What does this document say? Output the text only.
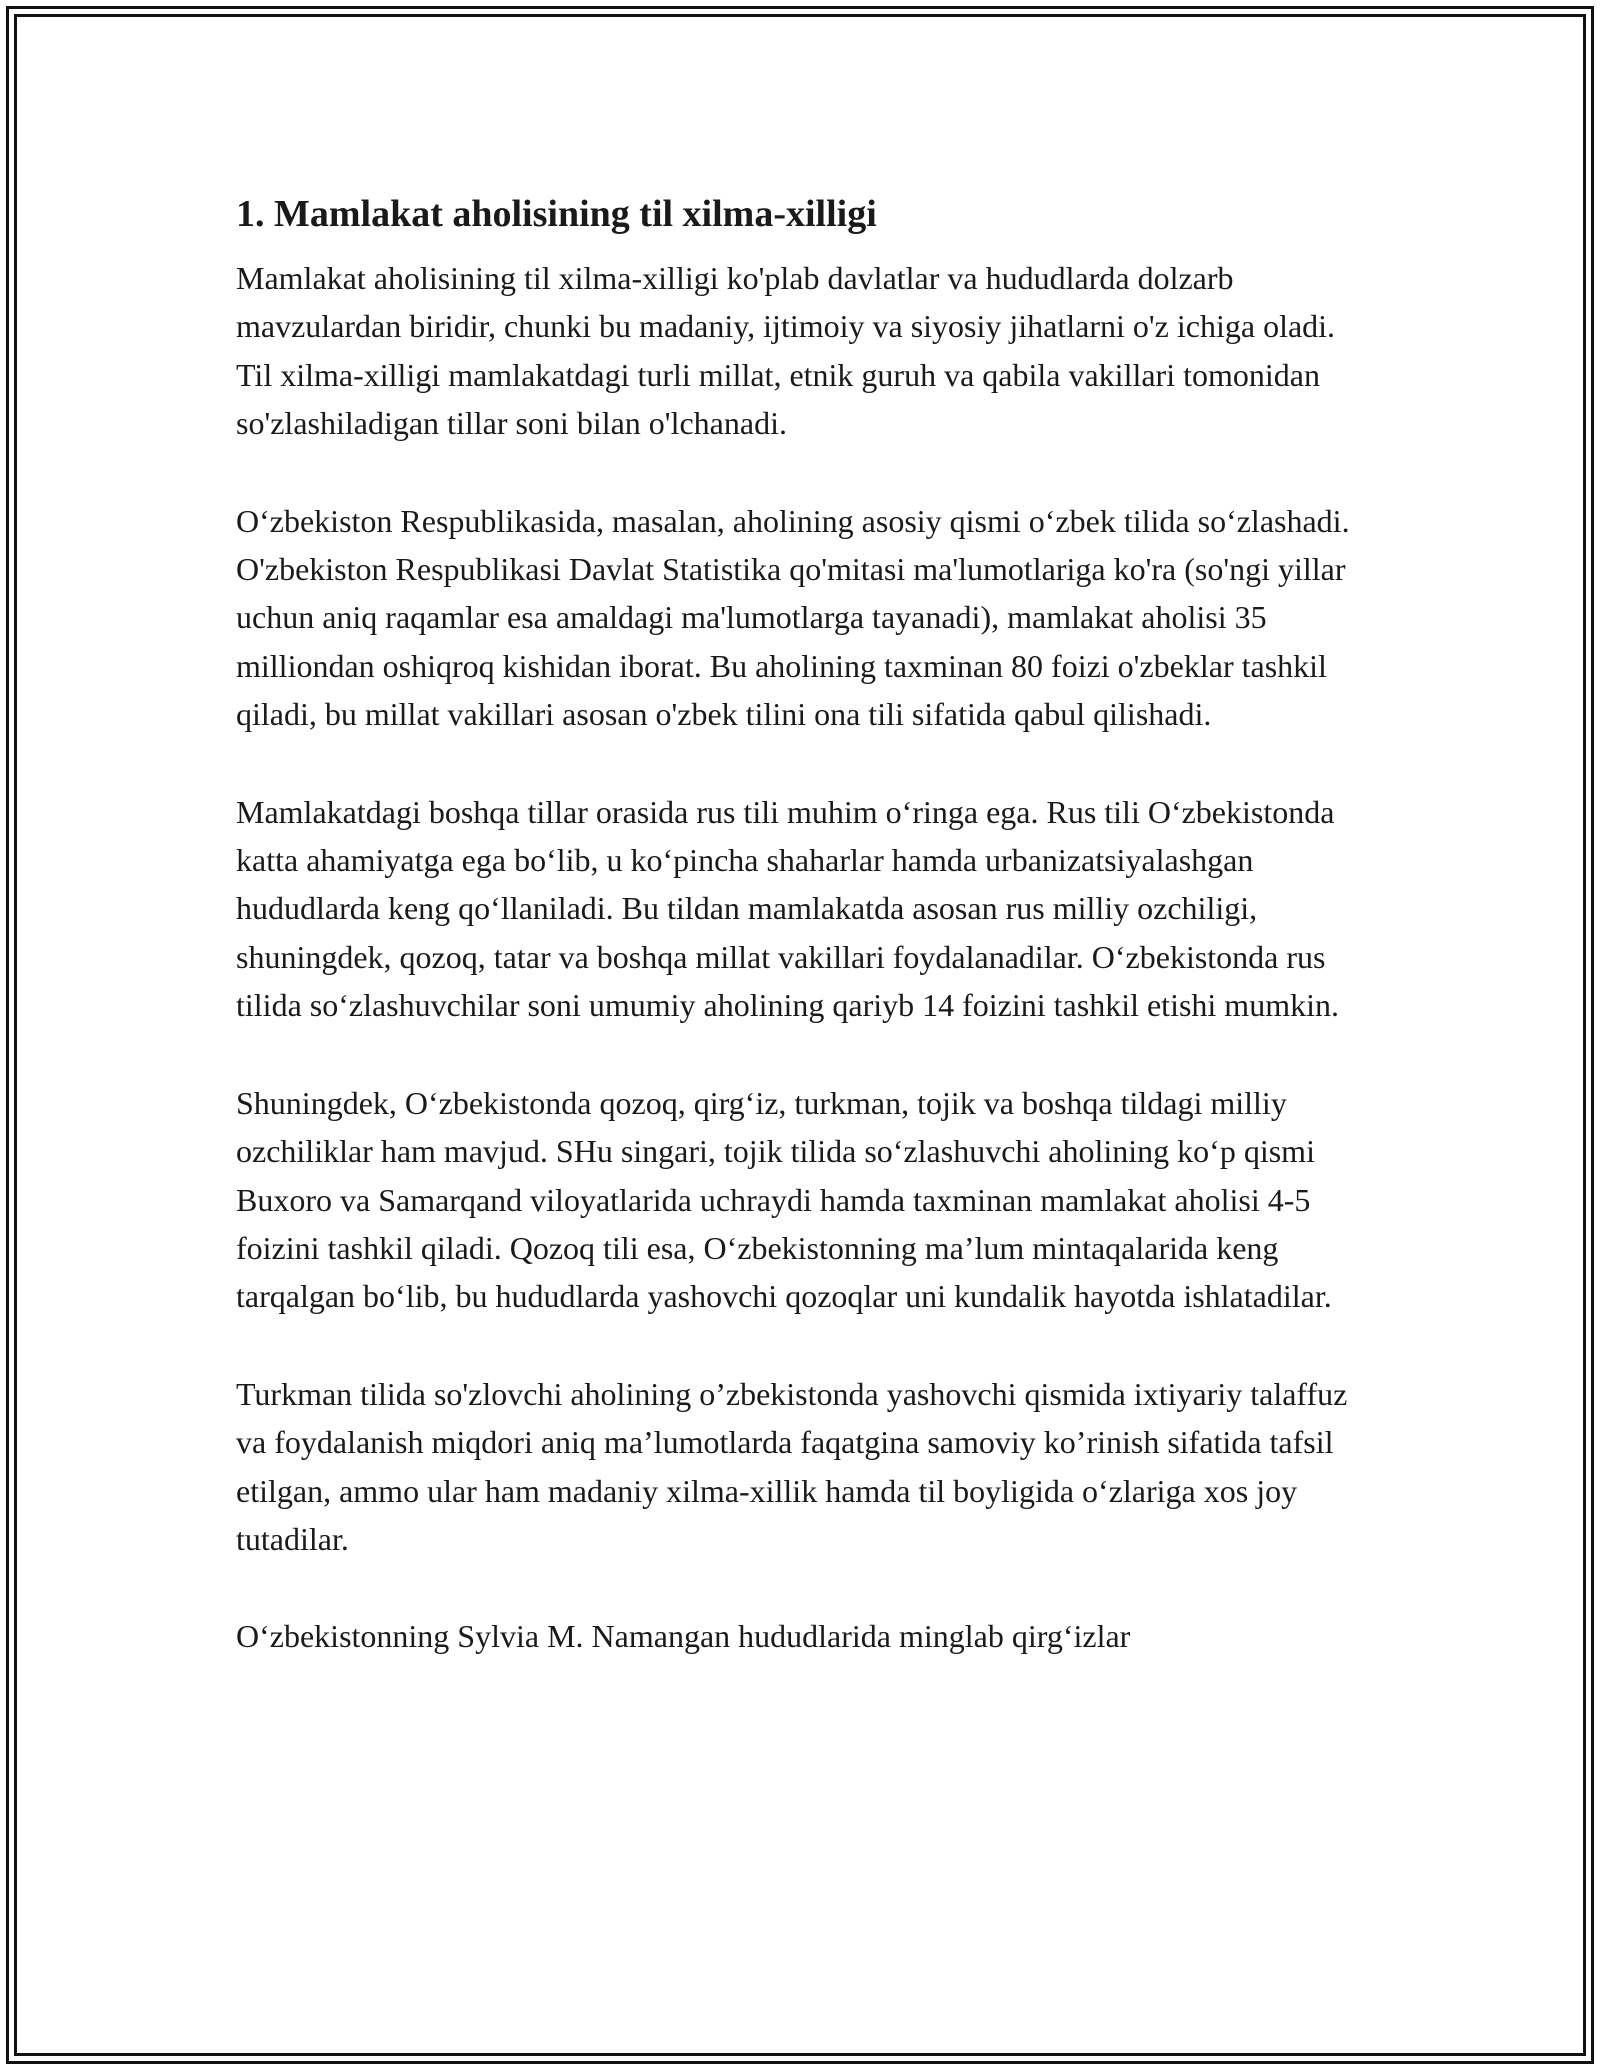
1. Mamlakat aholisining til xilma-xilligi

Mamlakat aholisining til xilma-xilligi ko'plab davlatlar va hududlarda dolzarb mavzulardan biridir, chunki bu madaniy, ijtimoiy va siyosiy jihatlarni o'z ichiga oladi. Til xilma-xilligi mamlakatdagi turli millat, etnik guruh va qabila vakillari tomonidan so'zlashiladigan tillar soni bilan o'lchanadi.

O‘zbekiston Respublikasida, masalan, aholining asosiy qismi o‘zbek tilida so‘zlashadi. O'zbekiston Respublikasi Davlat Statistika qo'mitasi ma'lumotlariga ko'ra (so'ngi yillar uchun aniq raqamlar esa amaldagi ma'lumotlarga tayanadi), mamlakat aholisi 35 milliondan oshiqroq kishidan iborat. Bu aholining taxminan 80 foizi o'zbeklar tashkil qiladi, bu millat vakillari asosan o'zbek tilini ona tili sifatida qabul qilishadi.

Mamlakatdagi boshqa tillar orasida rus tili muhim o‘ringa ega. Rus tili O‘zbekistonda katta ahamiyatga ega bo‘lib, u ko‘pincha shaharlar hamda urbanizatsiyalashgan hududlarda keng qo‘llaniladi. Bu tildan mamlakatda asosan rus milliy ozchiligi, shuningdek, qozoq, tatar va boshqa millat vakillari foydalanadilar. O‘zbekistonda rus tilida so‘zlashuvchilar soni umumiy aholining qariyb 14 foizini tashkil etishi mumkin.

Shuningdek, O‘zbekistonda qozoq, qirg‘iz, turkman, tojik va boshqa tildagi milliy ozchiliklar ham mavjud. SHu singari, tojik tilida so‘zlashuvchi aholining ko‘p qismi Buxoro va Samarqand viloyatlarida uchraydi hamda taxminan mamlakat aholisi 4-5 foizini tashkil qiladi. Qozoq tili esa, O‘zbekistonning ma’lum mintaqalarida keng tarqalgan bo‘lib, bu hududlarda yashovchi qozoqlar uni kundalik hayotda ishlatadilar.

Turkman tilida so'zlovchi aholining o’zbekistonda yashovchi qismida ixtiyariy talaffuz va foydalanish miqdori aniq ma’lumotlarda faqatgina samoviy ko’rinish sifatida tafsil etilgan, ammo ular ham madaniy xilma-xillik hamda til boyligida o‘zlariga xos joy tutadilar.

O‘zbekistonning Sylvia M. Namangan hududlarida minglab qirg‘izlar
